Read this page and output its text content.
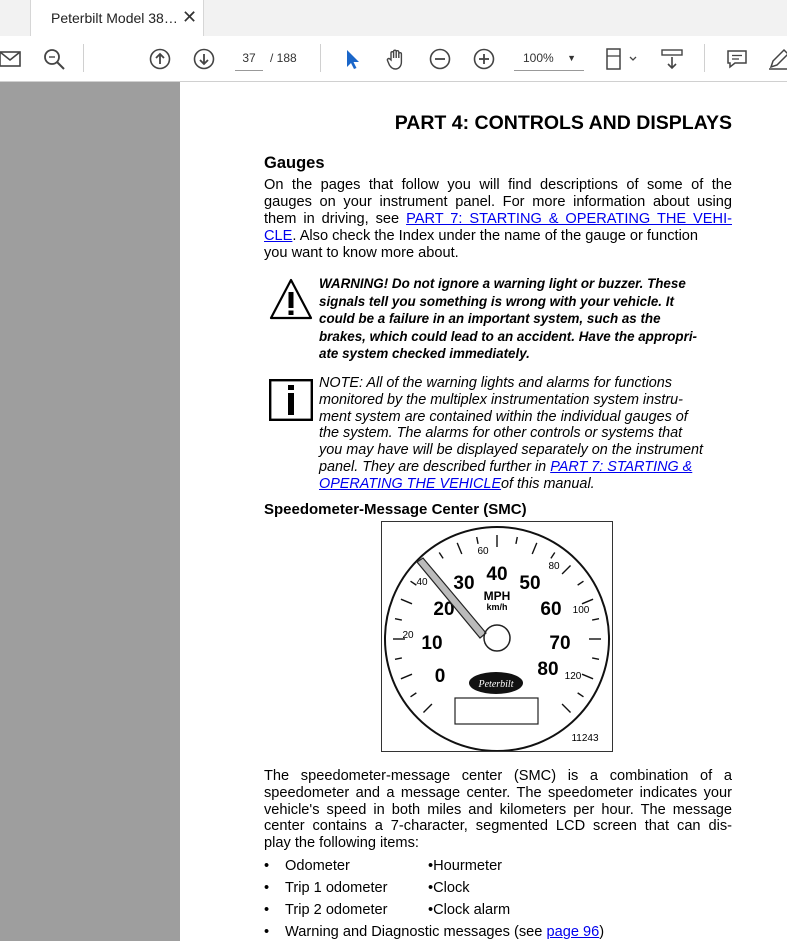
Peterbilt Model 38… ✕
37	/ 188	100% ▼
PART 4: CONTROLS AND DISPLAYS
Gauges
On the pages that follow you will find descriptions of some of the
gauges on your instrument panel. For more information about using
them in driving, see PART 7: STARTING & OPERATING THE VEHI-
CLE. Also check the Index under the name of the gauge or function
you want to know more about.
WARNING! Do not ignore a warning light or buzzer. These
signals tell you something is wrong with your vehicle. It
could be a failure in an important system, such as the
brakes, which could lead to an accident. Have the appropri-
ate system checked immediately.
NOTE: All of the warning lights and alarms for functions
monitored by the multiplex instrumentation system instru-
ment system are contained within the individual gauges of
the system. The alarms for other controls or systems that
you may have will be displayed separately on the instrument
panel. They are described further in PART 7: STARTING &
OPERATING THE VEHICLEof this manual.
Speedometer-Message Center (SMC)
0
10
20
30 40 50
60
70
80
20
40
60
80
100
120
MPH
km/h
Peterbilt
11243
The speedometer-message center (SMC) is a combination of a
speedometer and a message center. The speedometer indicates your
vehicle's speed in both miles and kilometers per hour. The message
center contains a 7-character, segmented LCD screen that can dis-
play the following items:
• Odometer	•Hourmeter
• Trip 1 odometer	•Clock
• Trip 2 odometer	•Clock alarm
• Warning and Diagnostic messages (see page 96)
